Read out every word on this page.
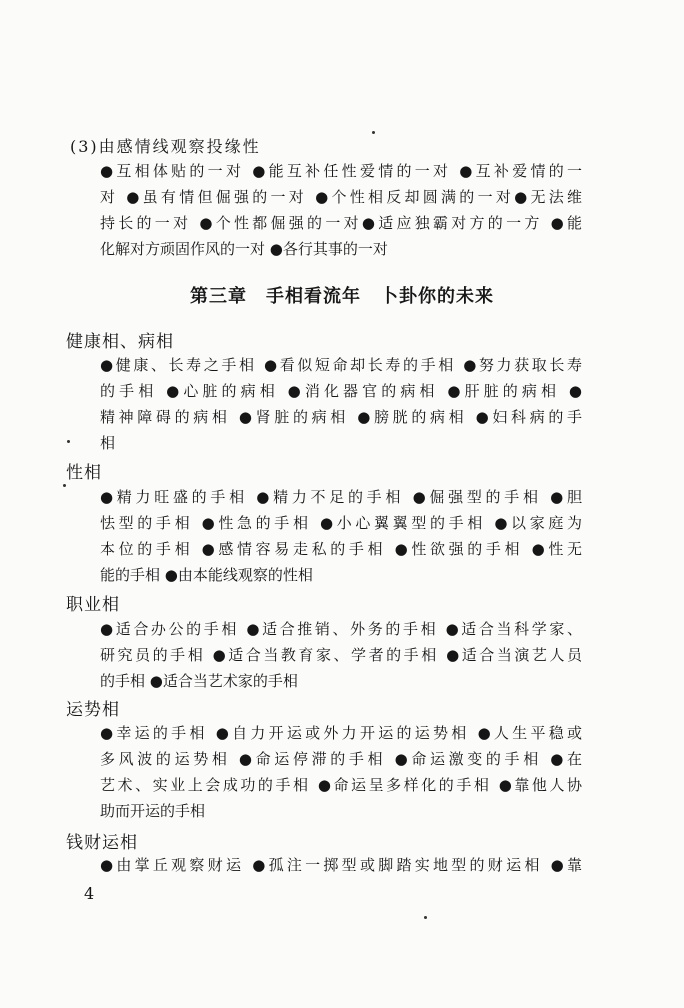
(3)由感情线观察投缘性
●互相体贴的一对 ●能互补任性爱情的一对 ●互补爱情的一
对 ●虽有情但倔强的一对 ●个性相反却圆满的一对●无法维
持长的一对 ●个性都倔强的一对●适应独霸对方的一方 ●能
化解对方顽固作风的一对 ●各行其事的一对
第三章　手相看流年　卜卦你的未来
健康相、病相
●健康、长寿之手相 ●看似短命却长寿的手相 ●努力获取长寿
的手相 ●心脏的病相 ●消化器官的病相 ●肝脏的病相 ●
精神障碍的病相 ●肾脏的病相 ●膀胱的病相 ●妇科病的手
相
性相
●精力旺盛的手相 ●精力不足的手相 ●倔强型的手相 ●胆
怯型的手相 ●性急的手相 ●小心翼翼型的手相 ●以家庭为
本位的手相 ●感情容易走私的手相 ●性欲强的手相 ●性无
能的手相 ●由本能线观察的性相
职业相
●适合办公的手相 ●适合推销、外务的手相 ●适合当科学家、
研究员的手相 ●适合当教育家、学者的手相 ●适合当演艺人员
的手相 ●适合当艺术家的手相
运势相
●幸运的手相 ●自力开运或外力开运的运势相 ●人生平稳或
多风波的运势相 ●命运停滞的手相 ●命运激变的手相 ●在
艺术、实业上会成功的手相 ●命运呈多样化的手相 ●靠他人协
助而开运的手相
钱财运相
●由掌丘观察财运 ●孤注一掷型或脚踏实地型的财运相 ●靠
4
